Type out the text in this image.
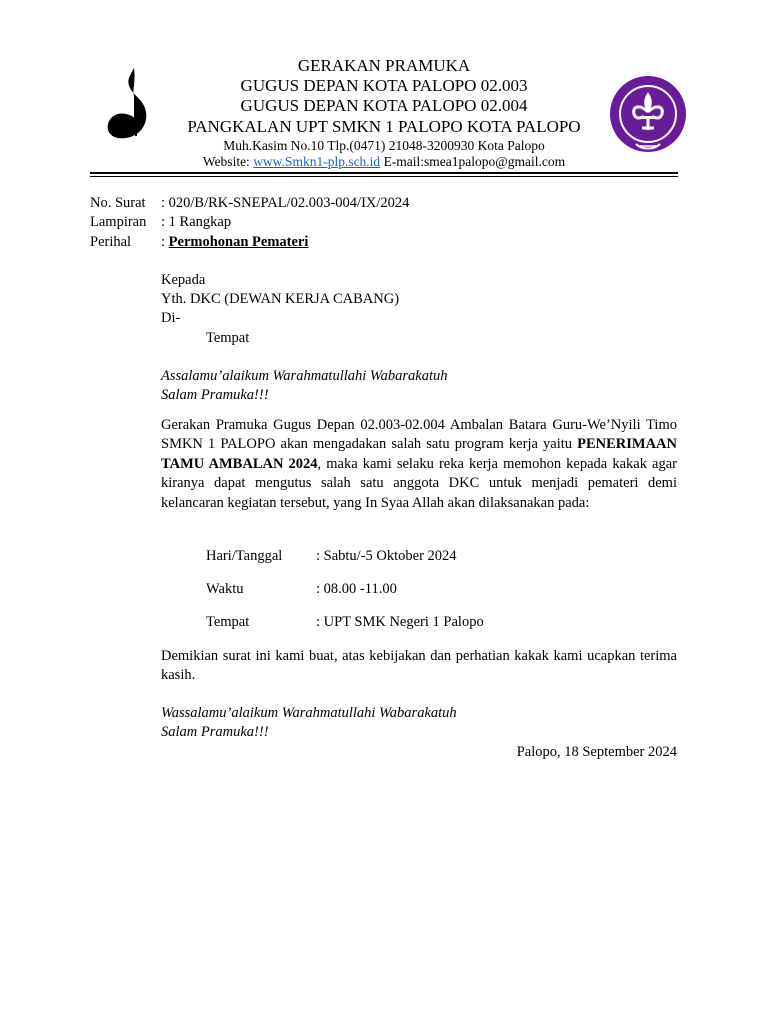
GERAKAN PRAMUKA
GUGUS DEPAN KOTA PALOPO 02.003
GUGUS DEPAN KOTA PALOPO 02.004
PANGKALAN UPT SMKN 1 PALOPO KOTA PALOPO
Muh.Kasim No.10 Tlp.(0471) 21048-3200930 Kota Palopo
Website: www.Smkn1-plp.sch.id E-mail:smea1palopo@gmail.com
No. Surat : 020/B/RK-SNEPAL/02.003-004/IX/2024
Lampiran : 1 Rangkap
Perihal : Permohonan Pemateri
Kepada
Yth. DKC (DEWAN KERJA CABANG)
Di-
Tempat
Assalamu’alaikum Warahmatullahi Wabarakatuh
Salam Pramuka!!!
Gerakan Pramuka Gugus Depan 02.003-02.004 Ambalan Batara Guru-We’Nyili Timo SMKN 1 PALOPO akan mengadakan salah satu program kerja yaitu PENERIMAAN TAMU AMBALAN 2024, maka kami selaku reka kerja memohon kepada kakak agar kiranya dapat mengutus salah satu anggota DKC untuk menjadi pemateri demi kelancaran kegiatan tersebut, yang In Syaa Allah akan dilaksanakan pada:
Hari/Tanggal : Sabtu/-5 Oktober 2024
Waktu	: 08.00 -11.00
Tempat	: UPT SMK Negeri 1 Palopo
Demikian surat ini kami buat, atas kebijakan dan perhatian kakak kami ucapkan terima kasih.
Wassalamu’alaikum Warahmatullahi Wabarakatuh
Salam Pramuka!!!
Palopo, 18 September 2024
